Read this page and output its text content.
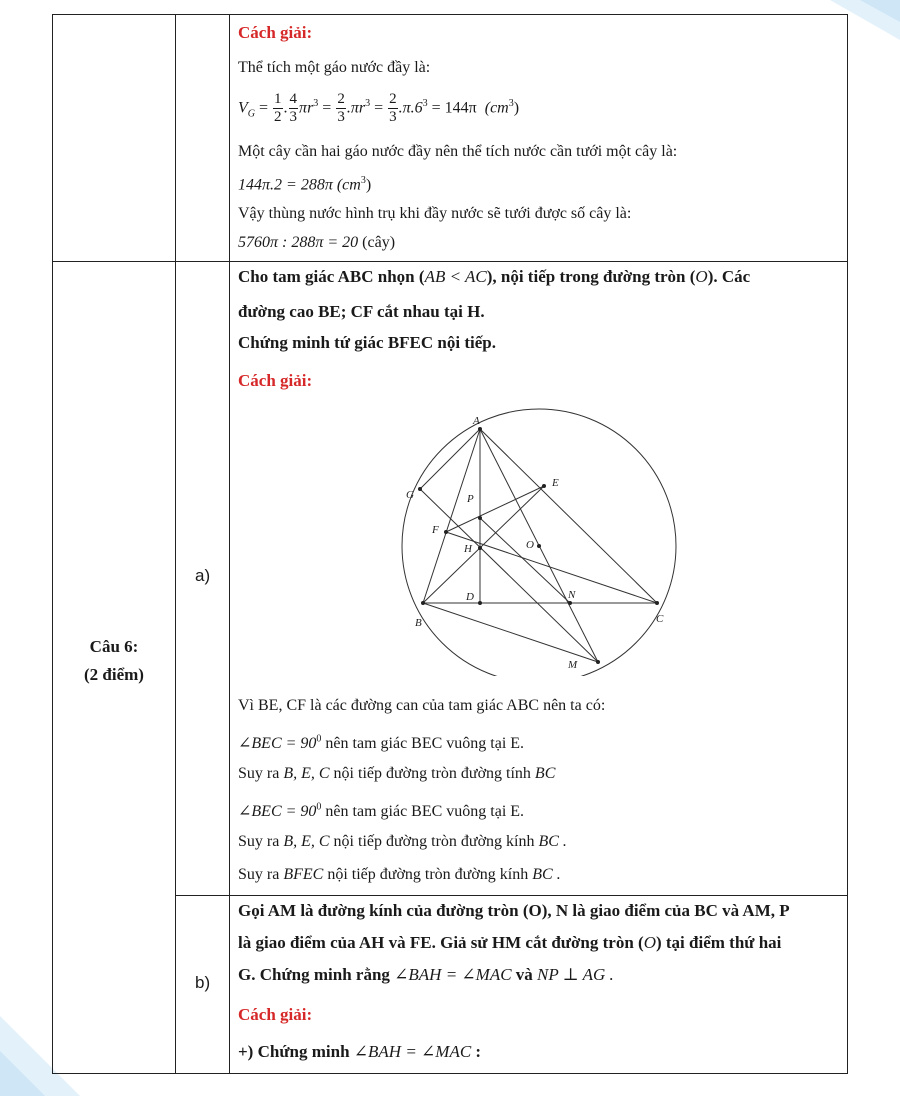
Câu 6:
(2 điểm)
a)
b)
Cách giải:
Thể tích một gáo nước đầy là:
$V_G = \frac{1}{2}$ . $\frac{4}{3} \pi r^3 = \frac{2}{3} .\pi r^3 = \frac{2}{3} .\pi.6^3 = 144\pi$ $(cm^3)$
Một cây cần hai gáo nước đầy nên thể tích nước cần tưới một cây là:
144π.2 = 288π $(cm^3)$
Vậy thùng nước hình trụ khi đầy nước sẽ tưới được số cây là:
5760π : 288π = 20 (cây)
Cho tam giác ABC nhọn (AB < AC), nội tiếp trong đường tròn (O). Các
đường cao BE; CF cắt nhau tại H.
Chứng minh tứ giác BFEC nội tiếp.
Cách giải:
Vì BE, CF là các đường can của tam giác ABC nên ta có:
∠BEC = $90^0$ nên tam giác BEC vuông tại E.
Suy ra B, E, C nội tiếp đường tròn đường tính BC
∠BEC = $90^0$ nên tam giác BEC vuông tại E.
Suy ra B, E, C nội tiếp đường tròn đường kính BC .
Suy ra BFEC nội tiếp đường tròn đường kính BC .
Gọi AM là đường kính của đường tròn (O), N là giao điểm của BC và AM, P
là giao điểm của AH và FE. Giả sử HM cắt đường tròn (O) tại điểm thứ hai
G. Chứng minh rằng ∠BAH = ∠MAC và NP ⊥ AG .
Cách giải:
+) Chứng minh ∠BAH = ∠MAC :
A
B	C
D
E
F
G
H
M
N
O
P
